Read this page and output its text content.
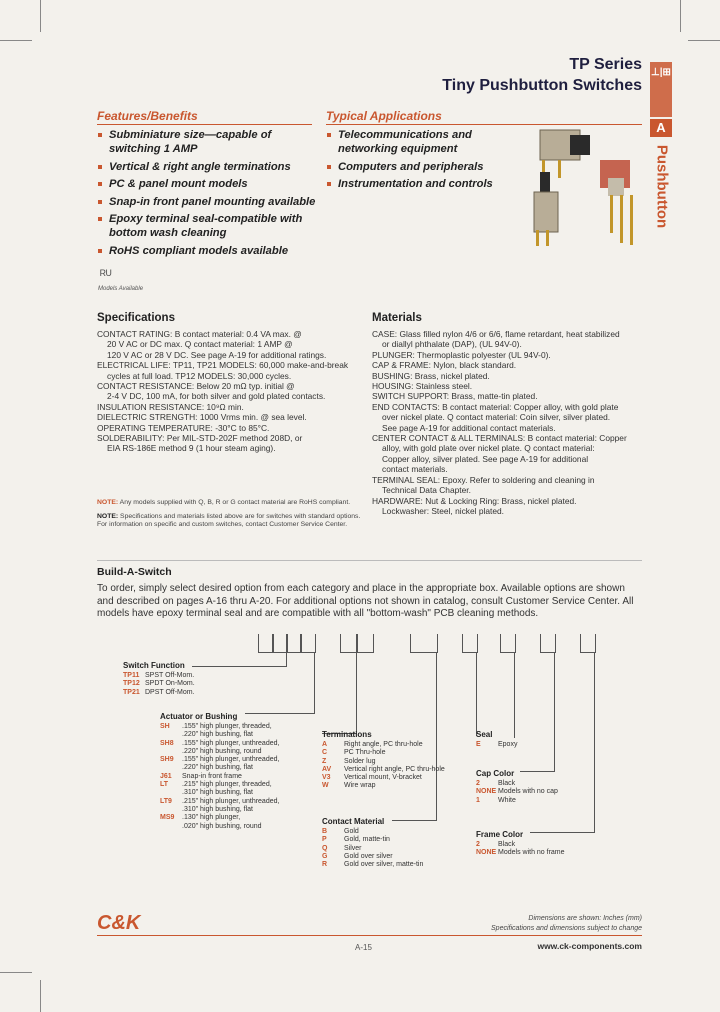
TP Series
Tiny Pushbutton Switches
⊥|⊞
A
Pushbutton
Features/Benefits
Subminiature size—capable of switching 1 AMP
Vertical & right angle terminations
PC & panel mount models
Snap-in front panel mounting available
Epoxy terminal seal-compatible with bottom wash cleaning
RoHS compliant models available
ᴿᵁ
Models Available
Typical Applications
Telecommunications and networking equipment
Computers and peripherals
Instrumentation and controls
Specifications

CONTACT RATING: B contact material: 0.4 VA max. @

20 V AC or DC max. Q contact material: 1 AMP @

120 V AC or 28 V DC. See page A-19 for additional ratings.

ELECTRICAL LIFE: TP11, TP21 MODELS: 60,000 make-and-break

cycles at full load. TP12 MODELS: 30,000 cycles.

CONTACT RESISTANCE: Below 20 mΩ typ. initial @

2-4 V DC, 100 mA, for both silver and gold plated contacts.

INSULATION RESISTANCE: 10⁹Ω min.

DIELECTRIC STRENGTH: 1000 Vrms min. @ sea level.

OPERATING TEMPERATURE: -30°C to 85°C.

SOLDERABILITY: Per MIL-STD-202F method 208D, or

EIA RS-186E method 9 (1 hour steam aging).

NOTE: Any models supplied with Q, B, R or G contact material are RoHS compliant.
NOTE: Specifications and materials listed above are for switches with standard options.
For information on specific and custom switches, contact Customer Service Center.
Materials

CASE: Glass filled nylon 4/6 or 6/6, flame retardant, heat stabilized

or diallyl phthalate (DAP), (UL 94V-0).

PLUNGER: Thermoplastic polyester (UL 94V-0).

CAP & FRAME: Nylon, black standard.

BUSHING: Brass, nickel plated.

HOUSING: Stainless steel.

SWITCH SUPPORT: Brass, matte-tin plated.

END CONTACTS: B contact material: Copper alloy, with gold plate

over nickel plate. Q contact material: Coin silver, silver plated.

See page A-19 for additional contact materials.

CENTER CONTACT & ALL TERMINALS: B contact material: Copper

alloy, with gold plate over nickel plate. Q contact material:

Copper alloy, silver plated. See page A-19 for additional

contact materials.

TERMINAL SEAL: Epoxy. Refer to soldering and cleaning in

Technical Data Chapter.

HARDWARE: Nut & Locking Ring: Brass, nickel plated.

Lockwasher: Steel, nickel plated.

Build-A-Switch
To order, simply select desired option from each category and place in the appropriate box. Available options are shown
and described on pages A-16 thru A-20. For additional options not shown in catalog, consult Customer Service Center. All
models have epoxy terminal seal and are compatible with all "bottom-wash" PCB cleaning methods.
Switch Function
TP11 SPST Off-Mom.
TP12 SPDT On-Mom.
TP21 DPST Off-Mom.
Actuator or Bushing
SH .155" high plunger, threaded,
.220" high bushing, flat
SH8 .155" high plunger, unthreaded,
.220" high bushing, round
SH9 .155" high plunger, unthreaded,
.220" high bushing, flat
J61 Snap-in front frame
LT .215" high plunger, threaded,
.310" high bushing, flat
LT9 .215" high plunger, unthreaded,
.310" high bushing, flat
MS9 .130" high plunger,
.020" high bushing, round
Terminations
A Right angle, PC thru-hole
C PC Thru-hole
Z	Solder lug
AV Vertical right angle, PC thru-hole
V3 Vertical mount, V-bracket
W Wire wrap
Contact Material
B Gold
P Gold, matte-tin
Q Silver
G Gold over silver
R Gold over silver, matte-tin
Seal
E Epoxy
Cap Color
2	Black
NONE Models with no cap
1	White
Frame Color
2	Black
NONE Models with no frame
C&K	Dimensions are shown: Inches (mm)
Specifications and dimensions subject to change
A-15	www.ck-components.com
